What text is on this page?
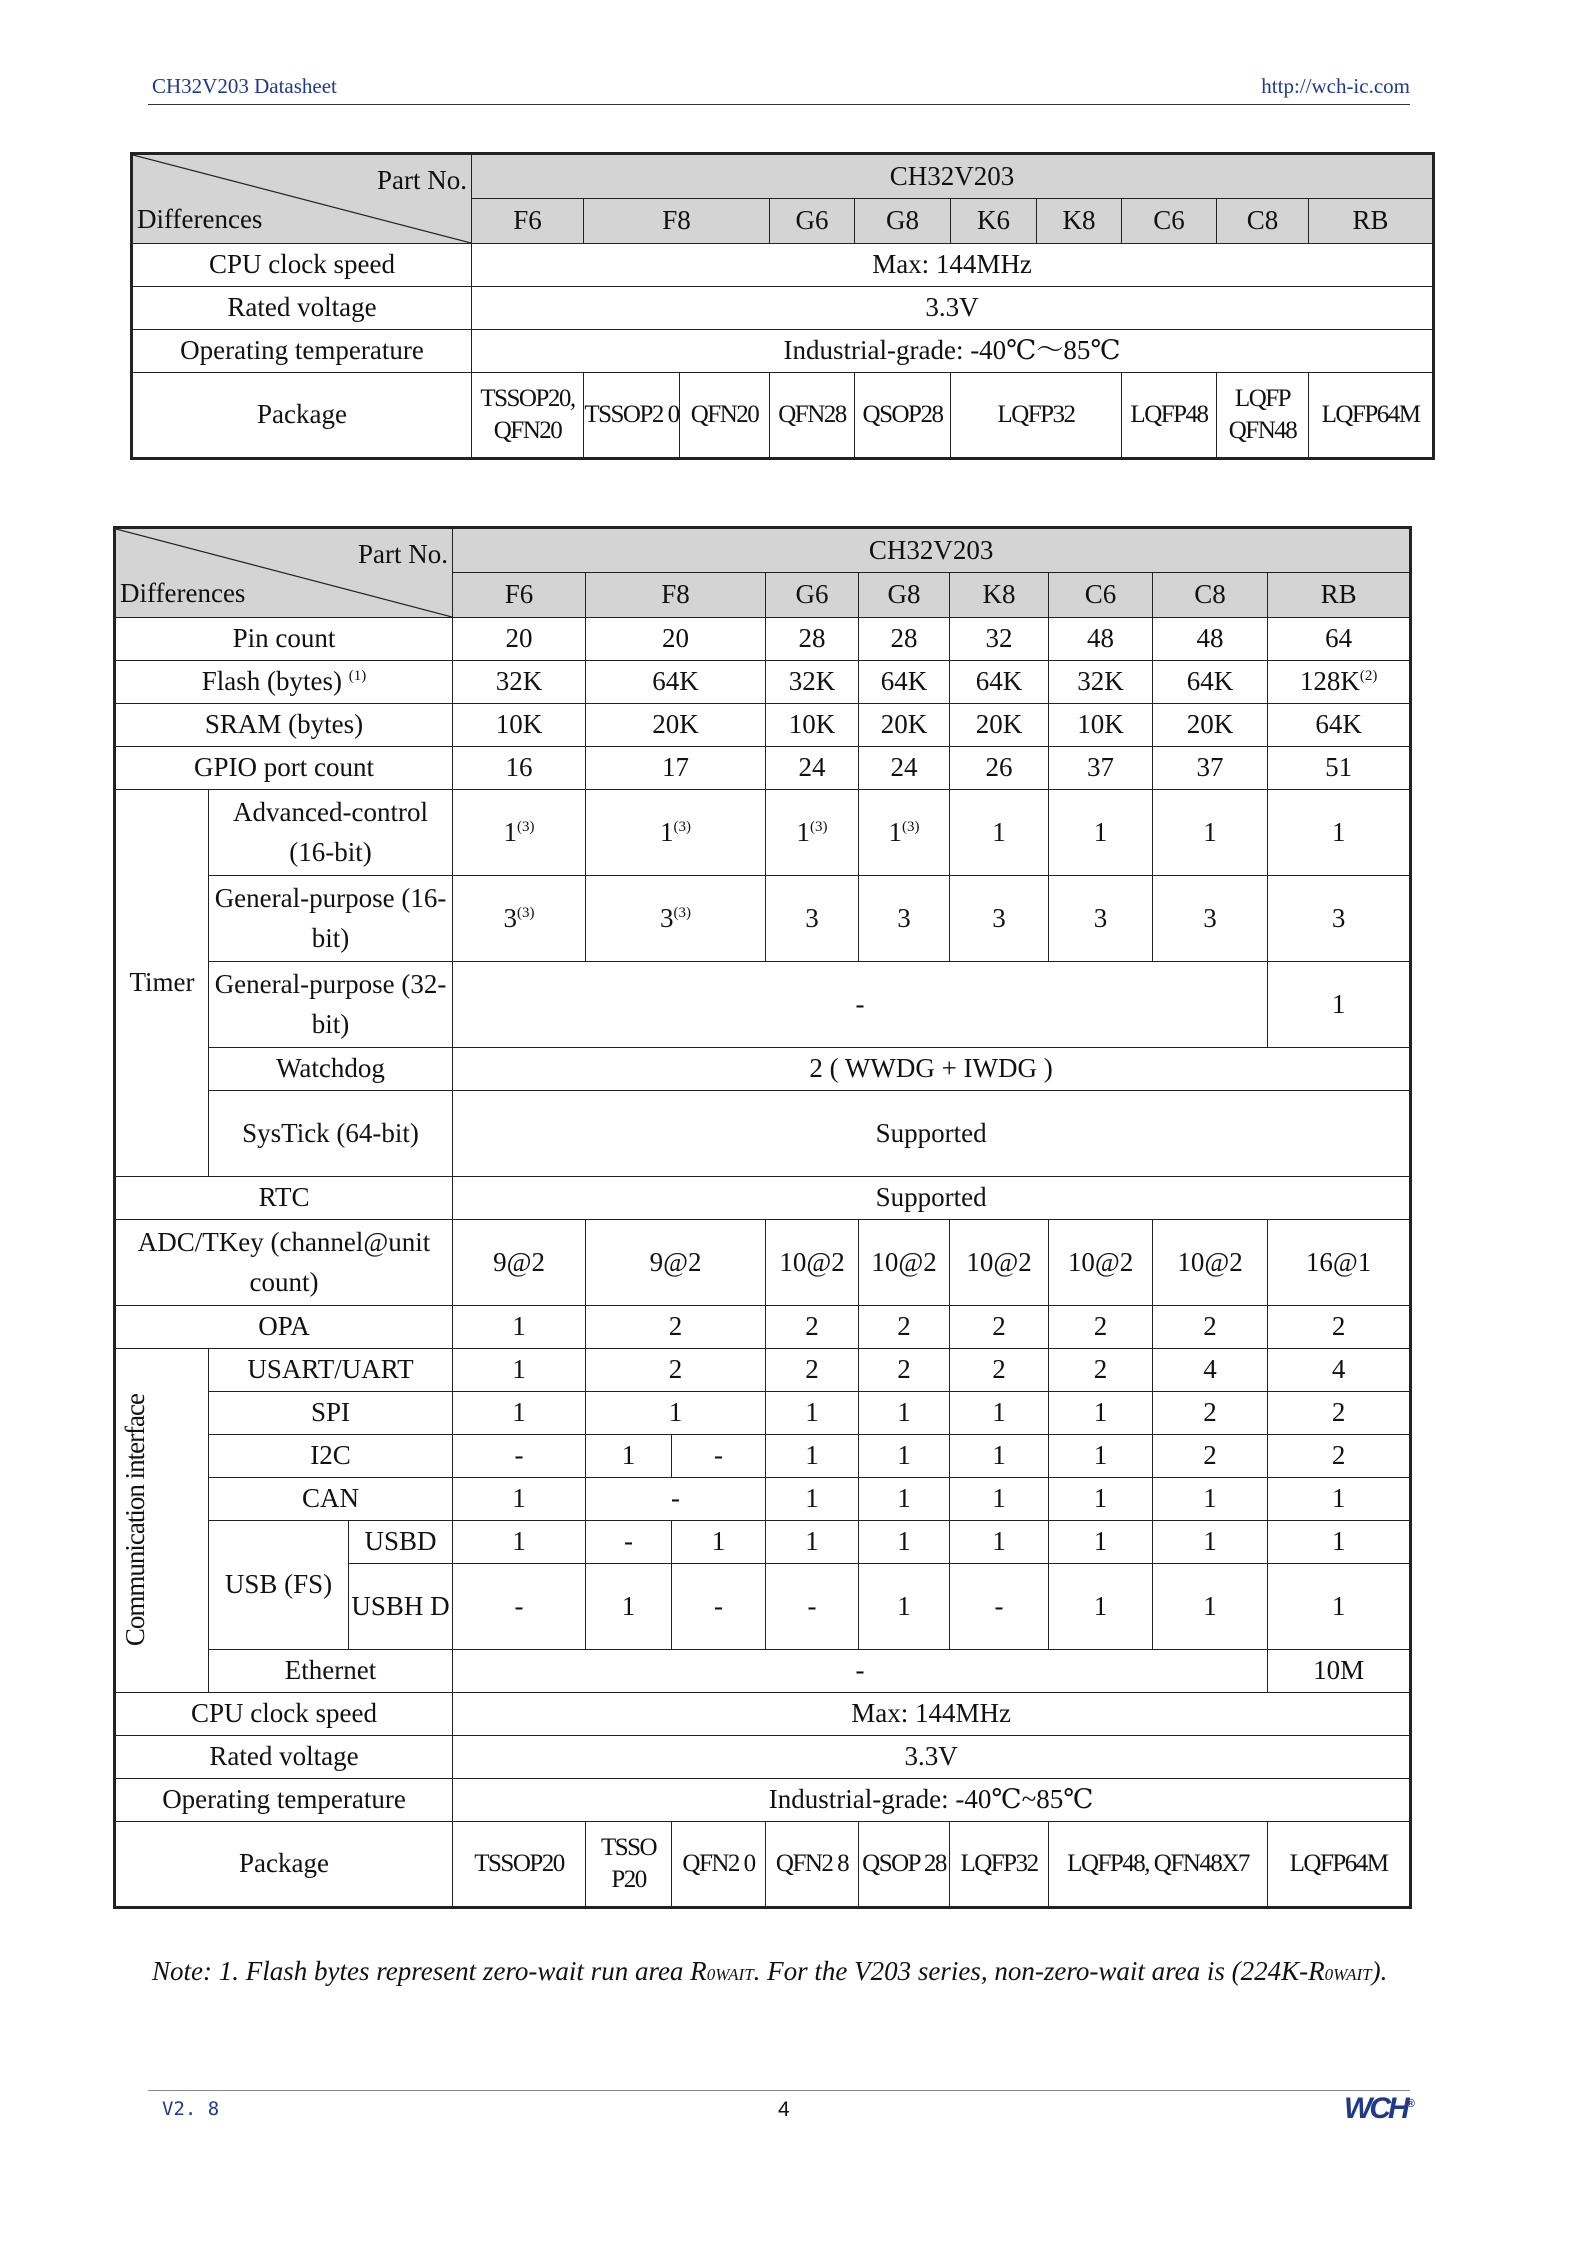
CH32V203 Datasheet	http://wch-ic.com
Part No.
Differences	CH32V203									
	F6	F8		G6	G8	K6	K8	C6	C8	RB
CPU clock speed	Max: 144MHz									
Rated voltage	3.3V									
Operating temperature	Industrial-grade: -40℃～85℃									
Package	TSSOP20, QFN20	TSSOP2 0	QFN20	QFN28	QSOP28	LQFP32		LQFP48	LQFP QFN48	LQFP64M
Part No.
Differences			CH32V203								
			F6	F8		G6	G8	K8	C6	C8	RB
Pin count			20	20		28	28	32	48	48	64
Flash (bytes) $^{(1)}$			32K	64K		32K	64K	64K	32K	64K	$128K^{(2)}$
SRAM (bytes)			10K	20K		10K	20K	20K	10K	20K	64K
GPIO port count			16	17		24	24	26	37	37	51
Timer	Advanced-control (16-bit)		1$^{(3)}$	1$^{(3)}$		1$^{(3)}$	1$^{(3)}$	1	1	1	1
	General-purpose (16-bit)		3$^{(3)}$	3$^{(3)}$		3	3	3	3	3	3
	General-purpose (32-bit)		-								1
	Watchdog		2 ( WWDG + IWDG )								
	SysTick (64-bit)		Supported								
RTC			Supported								
ADC/TKey (channel@unit count)			9@2	9@2		10@2	10@2	10@2	10@2	10@2	16@1
OPA			1	2		2	2	2	2	2	2

Communication interface	USART/UART		1	2		2	2	2	2	4	4
	SPI		1	1		1	1	1	1	2	2
	I2C		-	1	-	1	1	1	1	2	2
	CAN		1	-		1	1	1	1	1	1
	USB (FS)	USBD	1	-	1	1	1	1	1	1	1
		USBH D	-	1	-	-	1	-	1	1	1
	Ethernet		-								10M
CPU clock speed			Max: 144MHz								
Rated voltage			3.3V								
Operating temperature			Industrial-grade: -40℃~85℃								
Package			TSSOP20	TSSO P20	QFN2 0	QFN2 8	QSOP 28	LQFP32	LQFP48, QFN48X7		LQFP64M
Note: 1. Flash bytes represent zero-wait run area R0WAIT. For the V203 series, non-zero-wait area is (224K-R0WAIT).
V2. 8	4	WCH®
